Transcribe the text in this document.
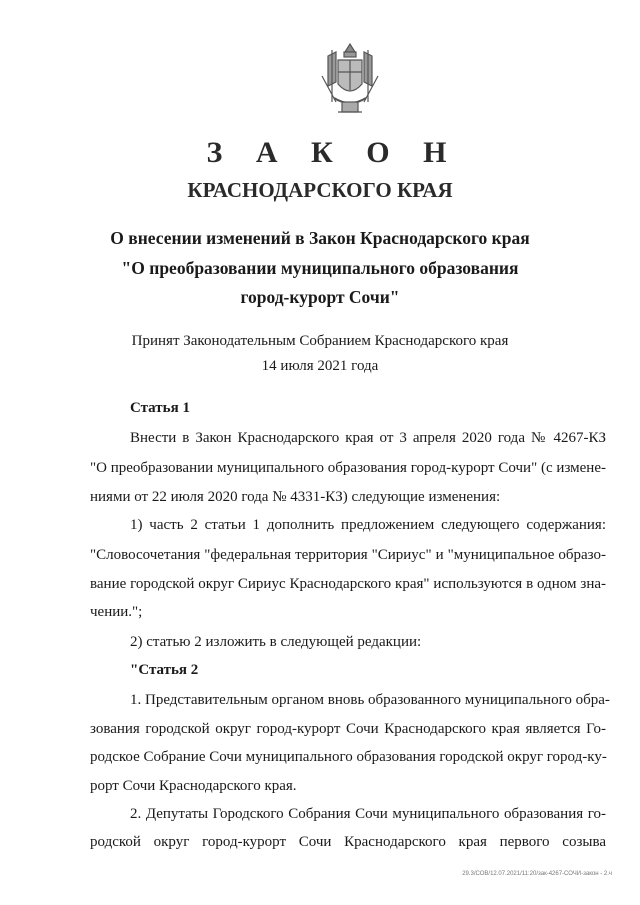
З А К О Н
КРАСНОДАРСКОГО КРАЯ
О внесении изменений в Закон Краснодарского края
"О преобразовании муниципального образования
город-курорт Сочи"
Принят Законодательным Собранием Краснодарского края
14 июля 2021 года
Статья 1
Внести в Закон Краснодарского края от 3 апреля 2020 года № 4267-КЗ
"О преобразовании муниципального образования город-курорт Сочи" (с измене-
ниями от 22 июля 2020 года № 4331-КЗ) следующие изменения:
1) часть 2 статьи 1 дополнить предложением следующего содержания:
"Словосочетания "федеральная территория "Сириус" и "муниципальное образо-
вание городской округ Сириус Краснодарского края" используются в одном зна-
чении.";
2) статью 2 изложить в следующей редакции:
"Статья 2
1. Представительным органом вновь образованного муниципального обра-
зования городской округ город-курорт Сочи Краснодарского края является Го-
родское Собрание Сочи муниципального образования городской округ город-ку-
рорт Сочи Краснодарского края.
2. Депутаты Городского Собрания Сочи муниципального образования го-
родской округ город-курорт Сочи Краснодарского края первого созыва
29.3/СОВ/12.07.2021/11:20/зак-4267-СОЧИ-закон - 2.ч
